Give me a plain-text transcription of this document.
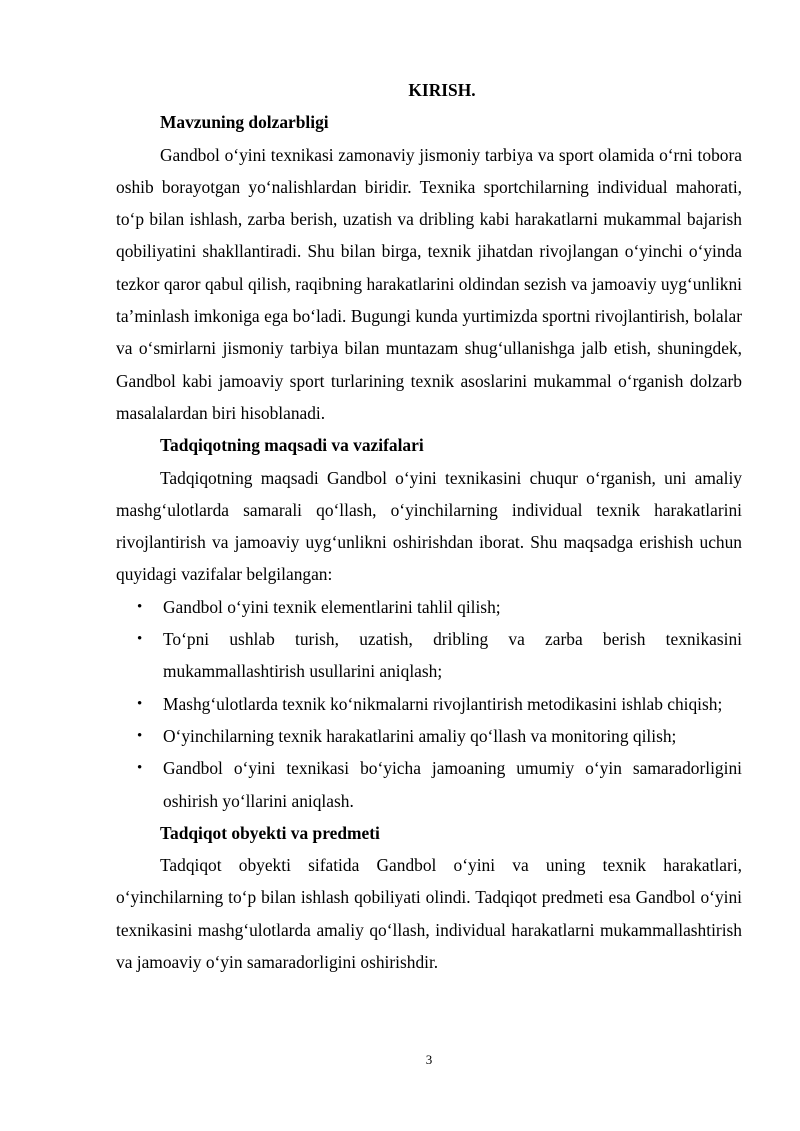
KIRISH.

Mavzuning dolzarbligi

Gandbol o‘yini texnikasi zamonaviy jismoniy tarbiya va sport olamida o‘rni tobora oshib borayotgan yo‘nalishlardan biridir. Texnika sportchilarning individual mahorati, to‘p bilan ishlash, zarba berish, uzatish va dribling kabi harakatlarni mukammal bajarish qobiliyatini shakllantiradi. Shu bilan birga, texnik jihatdan rivojlangan o‘yinchi o‘yinda tezkor qaror qabul qilish, raqibning harakatlarini oldindan sezish va jamoaviy uyg‘unlikni ta’minlash imkoniga ega bo‘ladi. Bugungi kunda yurtimizda sportni rivojlantirish, bolalar va o‘smirlarni jismoniy tarbiya bilan muntazam shug‘ullanishga jalb etish, shuningdek, Gandbol kabi jamoaviy sport turlarining texnik asoslarini mukammal o‘rganish dolzarb masalalardan biri hisoblanadi.

Tadqiqotning maqsadi va vazifalari

Tadqiqotning maqsadi Gandbol o‘yini texnikasini chuqur o‘rganish, uni amaliy mashg‘ulotlarda samarali qo‘llash, o‘yinchilarning individual texnik harakatlarini rivojlantirish va jamoaviy uyg‘unlikni oshirishdan iborat. Shu maqsadga erishish uchun quyidagi vazifalar belgilangan:

• Gandbol o‘yini texnik elementlarini tahlil qilish;
• To‘pni ushlab turish, uzatish, dribling va zarba berish texnikasini mukammallashtirish usullarini aniqlash;
• Mashg‘ulotlarda texnik ko‘nikmalarni rivojlantirish metodikasini ishlab chiqish;
• O‘yinchilarning texnik harakatlarini amaliy qo‘llash va monitoring qilish;
• Gandbol o‘yini texnikasi bo‘yicha jamoaning umumiy o‘yin samaradorligini oshirish yo‘llarini aniqlash.

Tadqiqot obyekti va predmeti

Tadqiqot obyekti sifatida Gandbol o‘yini va uning texnik harakatlari, o‘yinchilarning to‘p bilan ishlash qobiliyati olindi. Tadqiqot predmeti esa Gandbol o‘yini texnikasini mashg‘ulotlarda amaliy qo‘llash, individual harakatlarni mukammallashtirish va jamoaviy o‘yin samaradorligini oshirishdir.

3
